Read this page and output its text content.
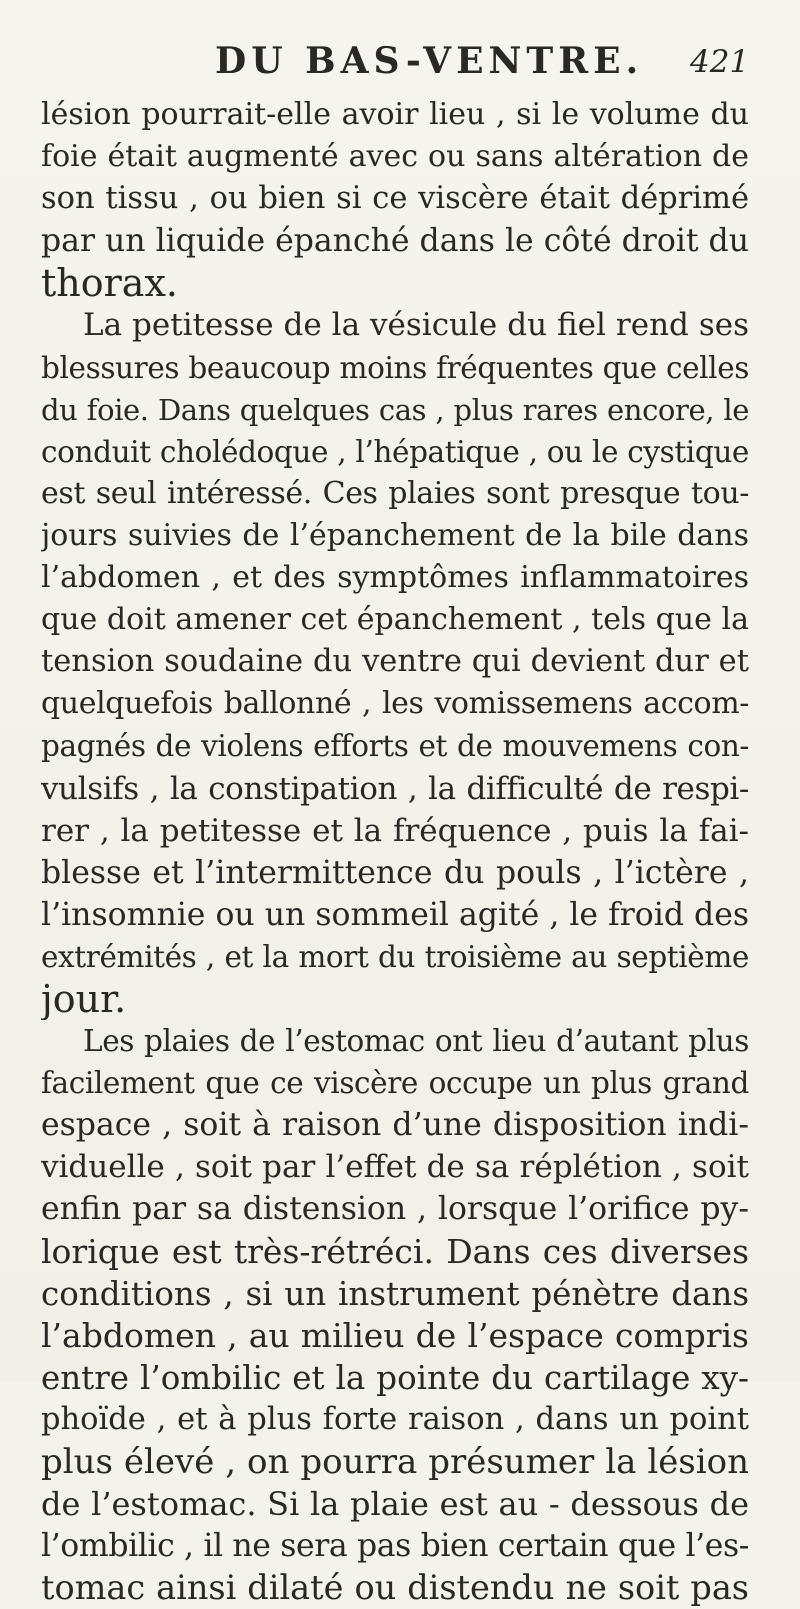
DU BAS-VENTRE. 421
lésion pourrait-elle avoir lieu , si le volume du
foie était augmenté avec ou sans altération de
son tissu , ou bien si ce viscère était déprimé
par un liquide épanché dans le côté droit du
thorax.
La petitesse de la vésicule du fiel rend ses
blessures beaucoup moins fréquentes que celles
du foie. Dans quelques cas , plus rares encore, le
conduit cholédoque , l’hépatique , ou le cystique
est seul intéressé. Ces plaies sont presque tou-
jours suivies de l’épanchement de la bile dans
l’abdomen , et des symptômes inflammatoires
que doit amener cet épanchement , tels que la
tension soudaine du ventre qui devient dur et
quelquefois ballonné , les vomissemens accom-
pagnés de violens efforts et de mouvemens con-
vulsifs , la constipation , la difficulté de respi-
rer , la petitesse et la fréquence , puis la fai-
blesse et l’intermittence du pouls , l’ictère ,
l’insomnie ou un sommeil agité , le froid des
extrémités , et la mort du troisième au septième
jour.
Les plaies de l’estomac ont lieu d’autant plus
facilement que ce viscère occupe un plus grand
espace , soit à raison d’une disposition indi-
viduelle , soit par l’effet de sa réplétion , soit
enfin par sa distension , lorsque l’orifice py-
lorique est très-rétréci. Dans ces diverses
conditions , si un instrument pénètre dans
l’abdomen , au milieu de l’espace compris
entre l’ombilic et la pointe du cartilage xy-
phoïde , et à plus forte raison , dans un point
plus élevé , on pourra présumer la lésion
de l’estomac. Si la plaie est au - dessous de
l’ombilic , il ne sera pas bien certain que l’es-
tomac ainsi dilaté ou distendu ne soit pas
